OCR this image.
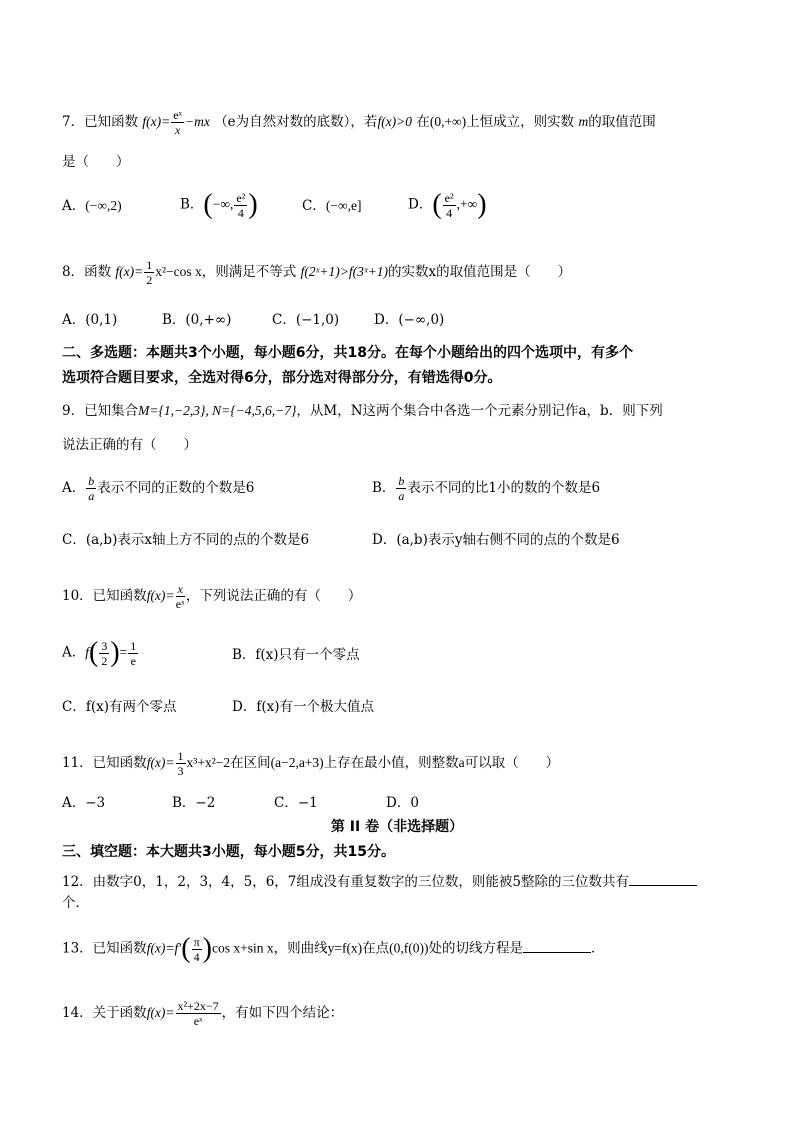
7．已知函数 $f(x)= \frac{\text{eˣ}}{x} -mx$ （e为自然对数的底数），若f(x)>0 在(0,+∞)上恒成立，则实数 m的取值范围
是（　　）
A．(−∞,2)	B．(−∞, $\frac{\text{e²}}{4}$ )	C．(−∞,e]	D．( $\frac{\text{e²}}{4}$ ,+∞)
8．函数 $f(x)= \frac{1}{2} x^2-\cos$ x，则满足不等式 f(2ˣ+1)>f(3ˣ+1)的实数x的取值范围是（　　）
A．(0,1)	B．(0,+∞)	C．(−1,0)	D．(−∞,0)
二、多选题：本题共3个小题，每小题6分，共18分。在每个小题给出的四个选项中，有多个
选项符合题目要求，全选对得6分，部分选对得部分分，有错选得0分。
9．已知集合M={1,−2,3}, N={−4,5,6,−7}，从M，N这两个集合中各选一个元素分别记作a，b．则下列
说法正确的有（　　）
A． $\frac{b}{a}$ 表示不同的正数的个数是6	B． $\frac{b}{a}$ 表示不同的比1小的数的个数是6
C．(a,b)表示x轴上方不同的点的个数是6	D．(a,b)表示y轴右侧不同的点的个数是6
10．已知函数$f(x)= \frac{x}{\text{eˣ}}$ ，下列说法正确的有（　　）
A．$f( \frac{3}{2}$ )= $\frac{1}{e}$	B．f(x)只有一个零点
C．f(x)有两个零点	D．f(x)有一个极大值点
11．已知函数$f(x)= \frac{1}{3} x^3+x^2-2$在区间(a−2,a+3)上存在最小值，则整数a可以取（　　）
A．−3	B．−2	C．−1	D．0
第 II 卷（非选择题）
三、填空题：本大题共3小题，每小题5分，共15分。
12．由数字0，1，2，3，4，5，6，7组成没有重复数字的三位数，则能被5整除的三位数共有
个．
13．已知函数$f(x)=f'( \frac{\pi}{4} )\cos$ x+sin x，则曲线y=f(x)在点(0,f(0))处的切线方程是	．
14．关于函数$f(x)= \frac{\text{x²+2x−7}}{\text{eˣ}}$ ，有如下四个结论：
